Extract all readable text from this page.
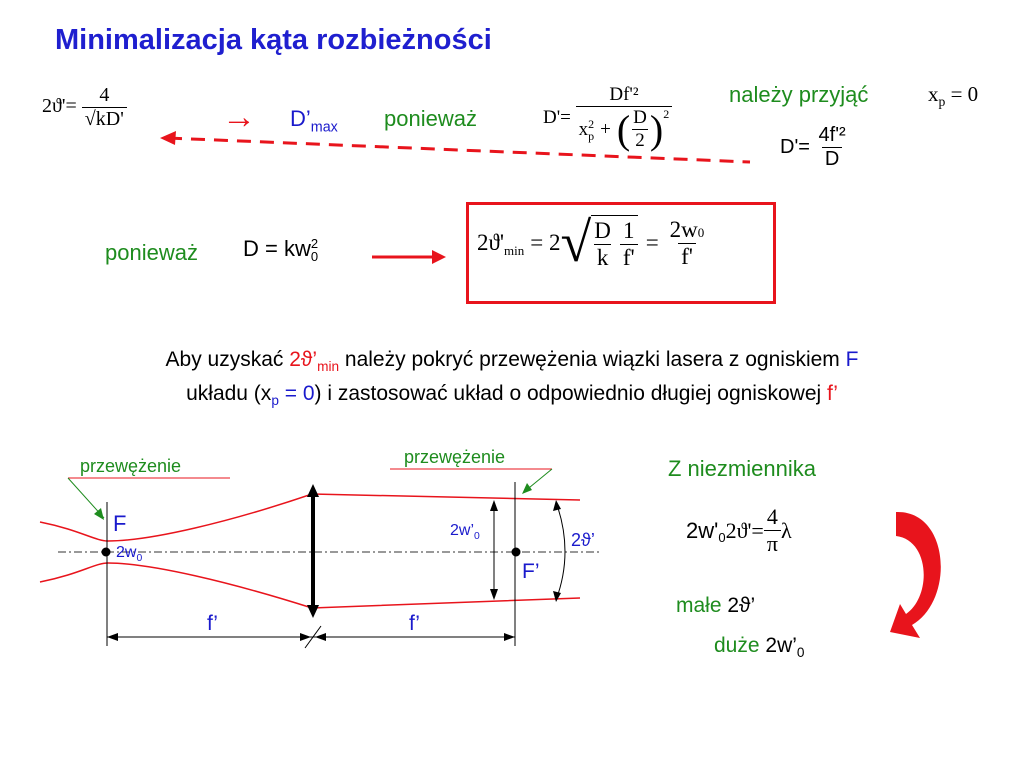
Minimalizacja kąta rozbieżności
$2ϑ'= \frac{4}{√kD'}$	→ $D’_{max}$ ponieważ	D'= Df'²
x 2
p + ( $\frac{D}{2}$ ) 2	należy przyjąć	$x_p = 0$
$D'= \frac{\text{4f'²}}{D}$
ponieważ D = kw 2
0
2ϑ' min = 2 √ $\frac{D}{k} \frac{1}{f'} = \frac{2w0}{f'}$
Aby uzyskać $2ϑ’_{min}$ należy pokryć przewężenia wiązki lasera z ogniskiem F
układu $(x_p = 0)$ i zastosować układ o odpowiednio długiej ogniskowej f’
przewężenie	przewężenie
F
$2w_0$
$2w’_0$	2ϑ’
F’
f’	f’
Z niezmiennika
2w' 0 $2ϑ'= \frac{4}{\pi}$ λ
małe 2ϑ’
duże $2w’_0$
